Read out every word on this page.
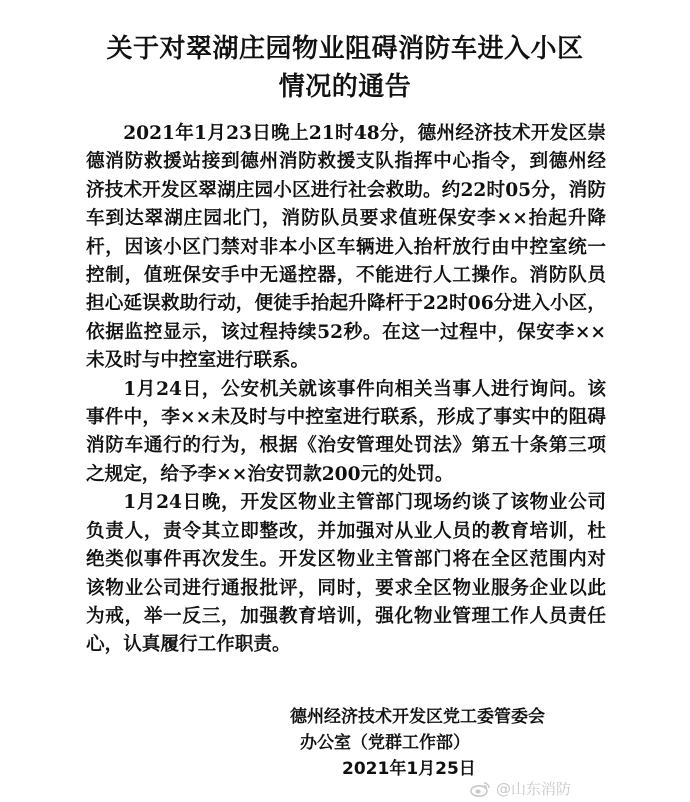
关于对翠湖庄园物业阻碍消防车进入小区
情况的通告

2021年1月23日晚上21时48分，德州经济技术开发区崇德消防救援站接到德州消防救援支队指挥中心指令，到德州经济技术开发区翠湖庄园小区进行社会救助。约22时05分，消防车到达翠湖庄园北门，消防队员要求值班保安李××抬起升降杆，因该小区门禁对非本小区车辆进入抬杆放行由中控室统一控制，值班保安手中无遥控器，不能进行人工操作。消防队员担心延误救助行动，便徒手抬起升降杆于22时06分进入小区，依据监控显示，该过程持续52秒。在这一过程中，保安李××未及时与中控室进行联系。

1月24日，公安机关就该事件向相关当事人进行询问。该事件中，李××未及时与中控室进行联系，形成了事实中的阻碍消防车通行的行为，根据《治安管理处罚法》第五十条第三项之规定，给予李××治安罚款200元的处罚。

1月24日晚，开发区物业主管部门现场约谈了该物业公司负责人，责令其立即整改，并加强对从业人员的教育培训，杜绝类似事件再次发生。开发区物业主管部门将在全区范围内对该物业公司进行通报批评，同时，要求全区物业服务企业以此为戒，举一反三，加强教育培训，强化物业管理工作人员责任心，认真履行工作职责。

德州经济技术开发区党工委管委会
办公室（党群工作部）
2021年1月25日
@山东消防
